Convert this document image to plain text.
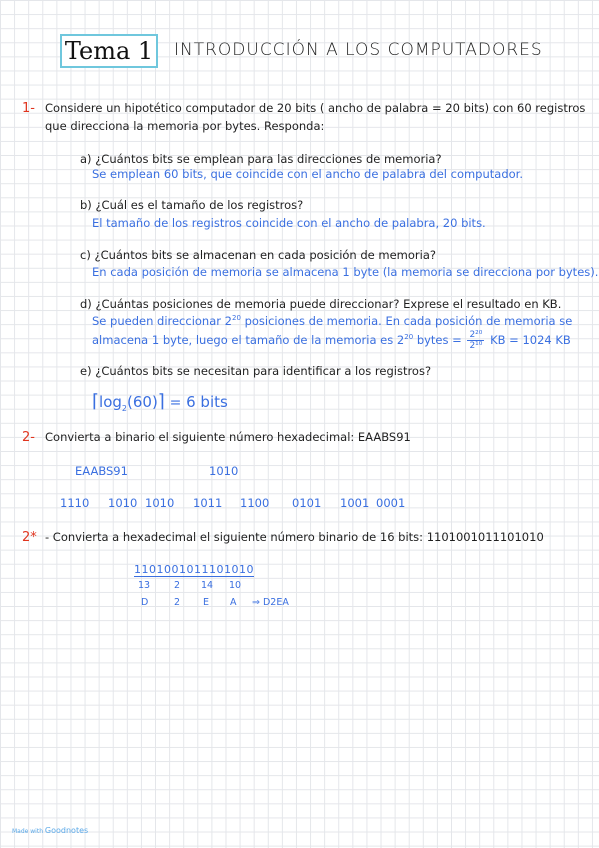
Tema 1 INTRODUCCIÓN A LOS COMPUTADORES
1- Considere un hipotético computador de 20 bits ( ancho de palabra = 20 bits) con 60 registros
que direcciona la memoria por bytes. Responda:
a) ¿Cuántos bits se emplean para las direcciones de memoria?
Se emplean 60 bits, que coincide con el ancho de palabra del computador.
b) ¿Cuál es el tamaño de los registros?
El tamaño de los registros coincide con el ancho de palabra, 20 bits.
c) ¿Cuántos bits se almacenan en cada posición de memoria?
En cada posición de memoria se almacena 1 byte (la memoria se direcciona por bytes).
d) ¿Cuántas posiciones de memoria puede direccionar? Exprese el resultado en KB.
Se pueden direccionar $2^{20}$ posiciones de memoria. En cada posición de memoria se
almacena 1 byte, luego el tamaño de la memoria es $2^{20}$ bytes = $\frac{\text{2²⁰}}{\text{2¹⁰}}$ KB = 1024 KB
e) ¿Cuántos bits se necesitan para identificar a los registros?
$⌈\log_2(60)⌉ = 6$ bits
2- Convierta a binario el siguiente número hexadecimal: EAABS91
EAABS91	1010
1110 1010 1010 1011 1100 0101 1001 0001
2* - Convierta a hexadecimal el siguiente número binario de 16 bits: 1101001011101010
1101001011101010
13	2 14 10
D	2 E A ⇒ D2EA
Made with Goodnotes
